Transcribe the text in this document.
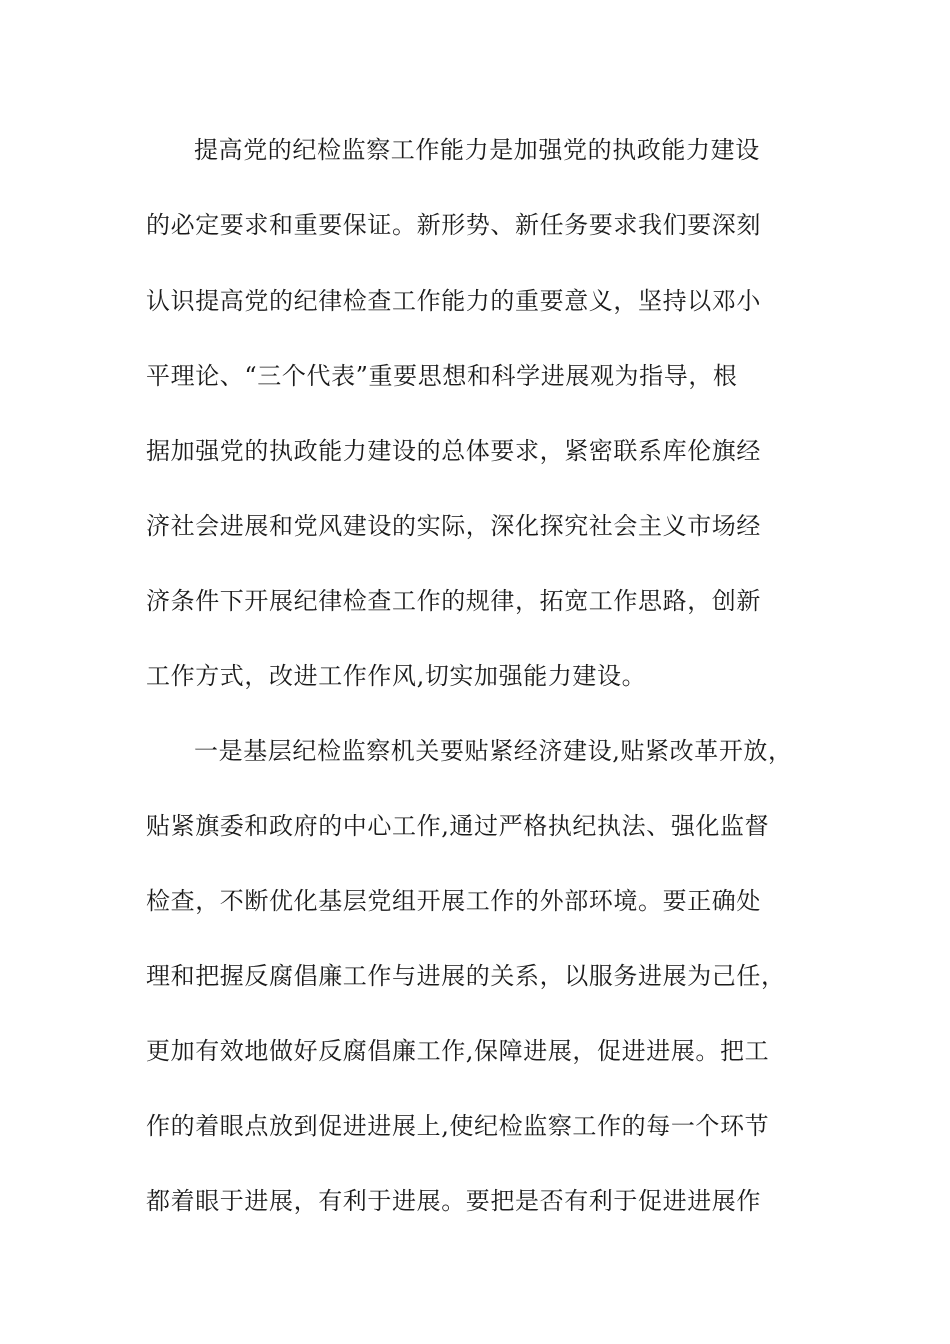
提高党的纪检监察工作能力是加强党的执政能力建设
的必定要求和重要保证。新形势、新任务要求我们要深刻
认识提高党的纪律检查工作能力的重要意义，坚持以邓小
平理论、“三个代表”重要思想和科学进展观为指导，根
据加强党的执政能力建设的总体要求，紧密联系库伦旗经
济社会进展和党风建设的实际，深化探究社会主义市场经
济条件下开展纪律检查工作的规律，拓宽工作思路，创新
工作方式，改进工作作风,切实加强能力建设。
一是基层纪检监察机关要贴紧经济建设,贴紧改革开放，
贴紧旗委和政府的中心工作,通过严格执纪执法、强化监督
检查，不断优化基层党组开展工作的外部环境。要正确处
理和把握反腐倡廉工作与进展的关系，以服务进展为己任，
更加有效地做好反腐倡廉工作,保障进展，促进进展。把工
作的着眼点放到促进进展上,使纪检监察工作的每一个环节
都着眼于进展，有利于进展。要把是否有利于促进进展作
